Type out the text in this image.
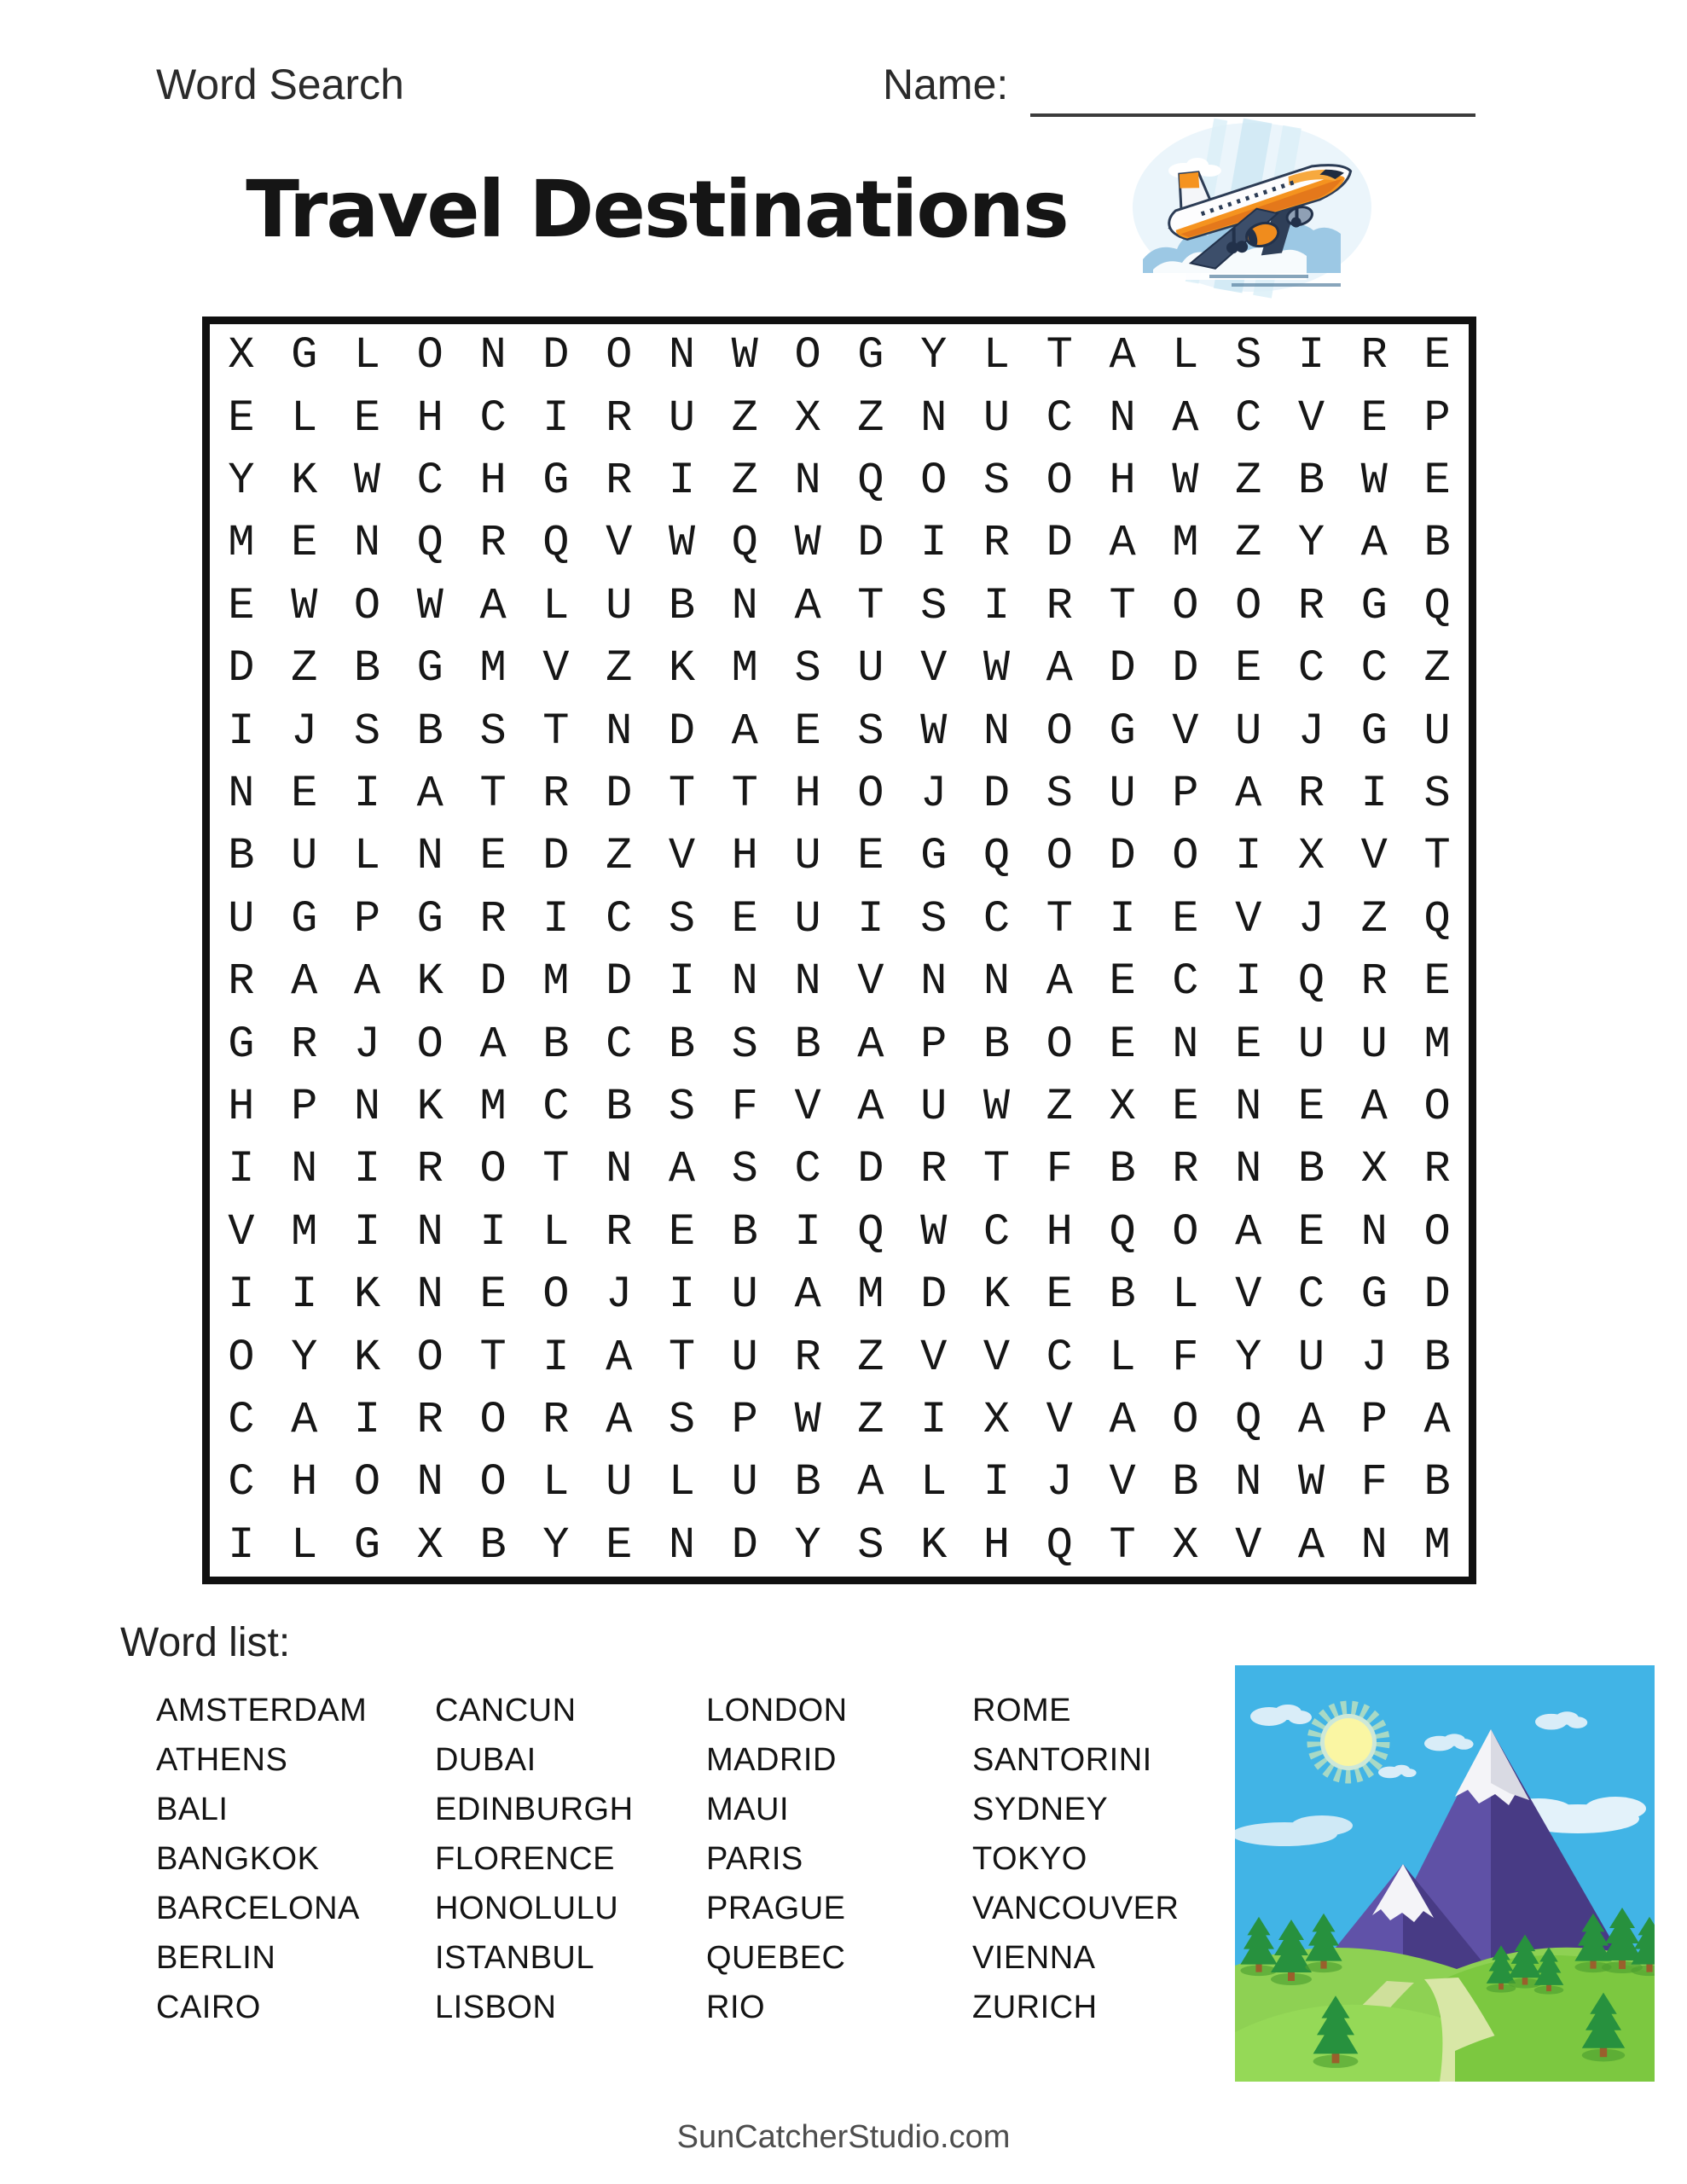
Word Search	Name:
Travel Destinations
X G L O N D O N W O G Y L T A L S I R E
E L E H C I R U Z X Z N U C N A C V E P
Y K W C H G R I Z N Q O S O H W Z B W E
M E N Q R Q V W Q W D I R D A M Z Y A B
E W O W A L U B N A T S I R T O O R G Q
D Z B G M V Z K M S U V W A D D E C C Z
I J S B S T N D A E S W N O G V U J G U
N E I A T R D T T H O J D S U P A R I S
B U L N E D Z V H U E G Q O D O I X V T
U G P G R I C S E U I S C T I E V J Z Q
R A A K D M D I N N V N N A E C I Q R E
G R J O A B C B S B A P B O E N E U U M
H P N K M C B S F V A U W Z X E N E A O
I N I R O T N A S C D R T F B R N B X R
V M I N I L R E B I Q W C H Q O A E N O
I I K N E O J I U A M D K E B L V C G D
O Y K O T I A T U R Z V V C L F Y U J B
C A I R O R A S P W Z I X V A O Q A P A
C H O N O L U L U B A L I J V B N W F B
I L G X B Y E N D Y S K H Q T X V A N M
Word list:
AMSTERDAM
ATHENS
BALI
BANGKOK
BARCELONA
BERLIN
CAIRO
CANCUN
DUBAI
EDINBURGH
FLORENCE
HONOLULU
ISTANBUL
LISBON
LONDON
MADRID
MAUI
PARIS
PRAGUE
QUEBEC
RIO
ROME
SANTORINI
SYDNEY
TOKYO
VANCOUVER
VIENNA
ZURICH
SunCatcherStudio.com
